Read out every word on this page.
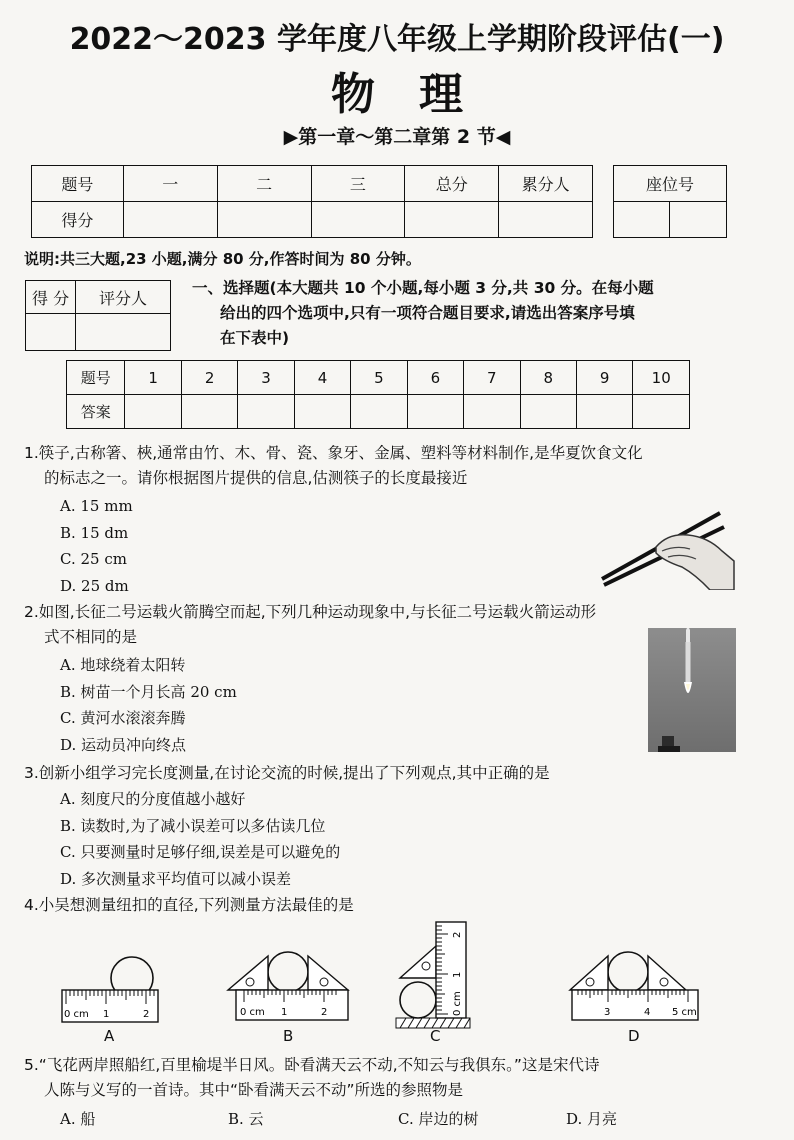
2022～2023 学年度八年级上学期阶段评估(一)
物　理
▶第一章～第二章第 2 节◀
题号	一	二	三	总分	累分人
得分					
座位号

说明:共三大题,23 小题,满分 80 分,作答时间为 80 分钟。
得 分	评分人

一、选择题(本大题共 10 个小题,每小题 3 分,共 30 分。在每小题
给出的四个选项中,只有一项符合题目要求,请选出答案序号填
在下表中)
题号	1	2	3	4	5	6	7	8	9	10
答案										
1.筷子,古称箸、梜,通常由竹、木、骨、瓷、象牙、金属、塑料等材料制作,是华夏饮食文化
的标志之一。请你根据图片提供的信息,估测筷子的长度最接近
A. 15 mm
B. 15 dm
C. 25 cm
D. 25 dm
2.如图,长征二号运载火箭腾空而起,下列几种运动现象中,与长征二号运载火箭运动形
式不相同的是
A. 地球绕着太阳转
B. 树苗一个月长高 20 cm
C. 黄河水滚滚奔腾
D. 运动员冲向终点
3.创新小组学习完长度测量,在讨论交流的时候,提出了下列观点,其中正确的是
A. 刻度尺的分度值越小越好
B. 读数时,为了减小误差可以多估读几位
C. 只要测量时足够仔细,误差是可以避免的
D. 多次测量求平均值可以减小误差
4.小吴想测量纽扣的直径,下列测量方法最佳的是
0 cm 1	2
A
0 cm 1	2
B
0 cm
1
2
C
3	4 5 cm
D
5.“飞花两岸照船红,百里榆堤半日风。卧看满天云不动,不知云与我俱东。”这是宋代诗
人陈与义写的一首诗。其中“卧看满天云不动”所选的参照物是
A. 船	B. 云	C. 岸边的树	D. 月亮
